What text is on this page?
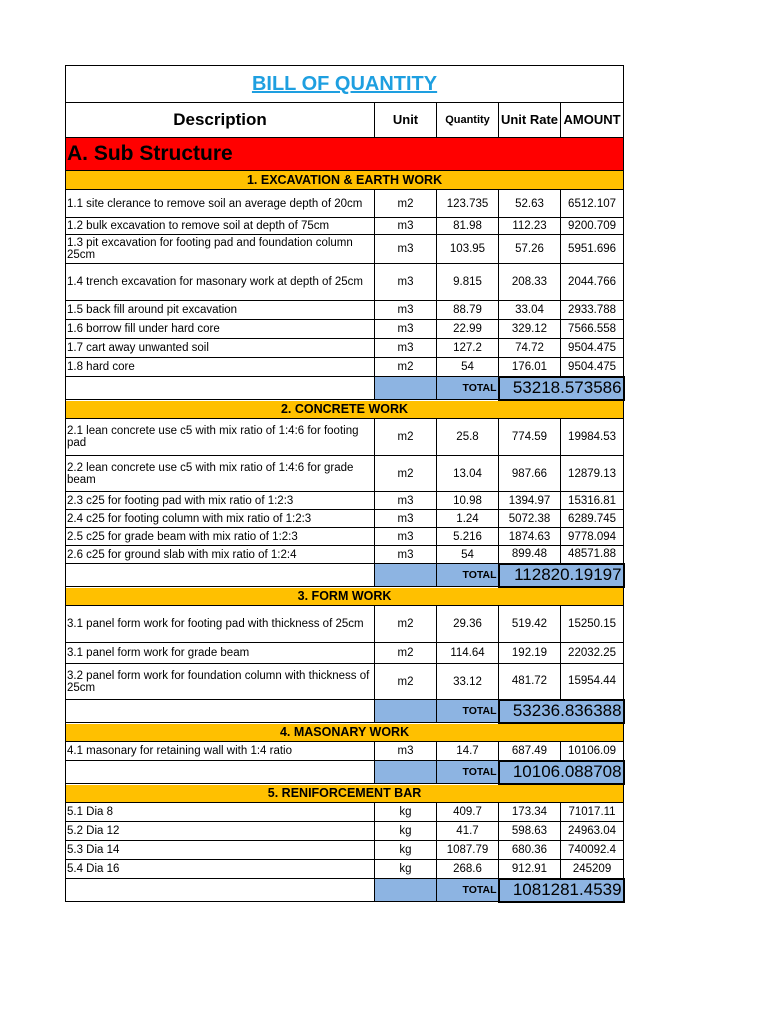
BILL OF QUANTITY				
Description	Unit	Quantity	Unit Rate	AMOUNT
A. Sub Structure				
1. EXCAVATION & EARTH WORK				
1.1 site clerance to remove soil an average depth of 20cm	m2	123.735	52.63	6512.107
1.2 bulk excavation to remove soil at depth of 75cm	m3	81.98	112.23	9200.709
1.3 pit excavation for footing pad and foundation column 25cm	m3	103.95	57.26	5951.696
1.4 trench excavation for masonary work at depth of 25cm	m3	9.815	208.33	2044.766
1.5 back fill around pit excavation	m3	88.79	33.04	2933.788
1.6 borrow fill under hard core	m3	22.99	329.12	7566.558
1.7 cart away unwanted soil	m3	127.2	74.72	9504.475
1.8 hard core	m2	54	176.01	9504.475
		TOTAL	53218.573586	
2. CONCRETE WORK				
2.1 lean concrete use c5 with mix ratio of 1:4:6 for footing pad	m2	25.8	774.59	19984.53
2.2 lean concrete use c5 with mix ratio of 1:4:6 for grade beam	m2	13.04	987.66	12879.13
2.3 c25 for footing pad with mix ratio of 1:2:3	m3	10.98	1394.97	15316.81
2.4 c25 for footing column with mix ratio of 1:2:3	m3	1.24	5072.38	6289.745
2.5 c25 for grade beam with mix ratio of 1:2:3	m3	5.216	1874.63	9778.094
2.6 c25 for ground slab with mix ratio of 1:2:4	m3	54	899.48	48571.88
		TOTAL	112820.19197	
3. FORM WORK				
3.1 panel form work for footing pad with thickness of 25cm	m2	29.36	519.42	15250.15
3.1 panel form work for grade beam	m2	114.64	192.19	22032.25
3.2 panel form work for foundation column with thickness of 25cm	m2	33.12	481.72	15954.44
		TOTAL	53236.836388	
4. MASONARY WORK				
4.1 masonary for retaining wall with 1:4 ratio	m3	14.7	687.49	10106.09
		TOTAL	10106.088708	
5. RENIFORCEMENT BAR				
5.1 Dia 8	kg	409.7	173.34	71017.11
5.2 Dia 12	kg	41.7	598.63	24963.04
5.3 Dia 14	kg	1087.79	680.36	740092.4
5.4 Dia 16	kg	268.6	912.91	245209
		TOTAL	1081281.4539	
